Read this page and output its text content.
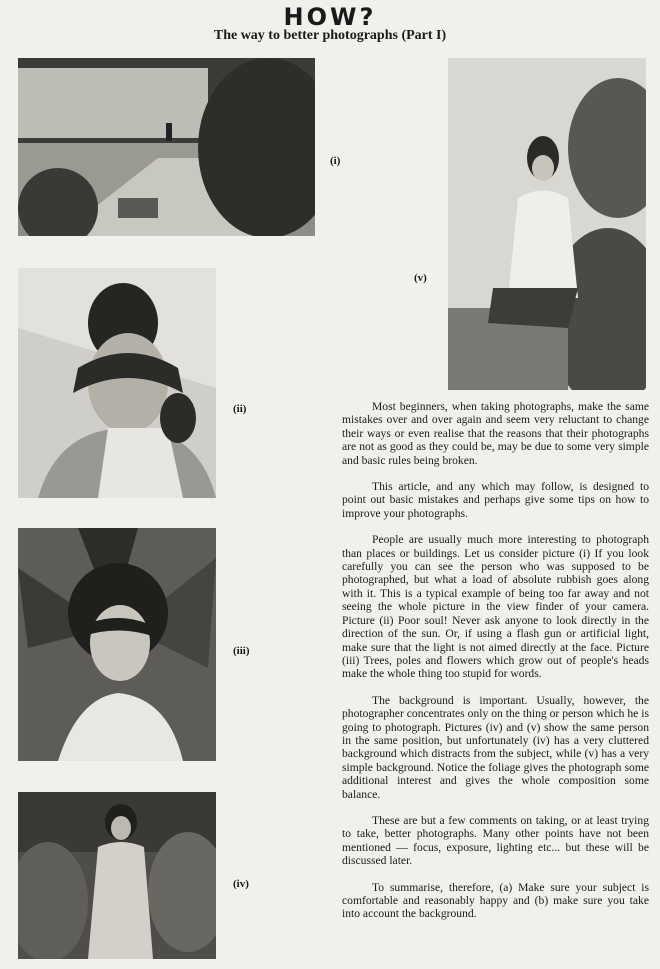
HOW?
The way to better photographs (Part I)
(i)
(v)
(ii)
(iii)
(iv)

Most beginners, when taking photographs, make the same mistakes over and over again and seem very reluctant to change their ways or even realise that the reasons that their photographs are not as good as they could be, may be due to some very simple and basic rules being broken.

This article, and any which may follow, is designed to point out basic mistakes and perhaps give some tips on how to improve your photographs.

People are usually much more interesting to photograph than places or buildings. Let us consider picture (i) If you look carefully you can see the person who was supposed to be photographed, but what a load of absolute rubbish goes along with it. This is a typical example of being too far away and not seeing the whole picture in the view finder of your camera. Picture (ii) Poor soul! Never ask anyone to look directly in the direction of the sun. Or, if using a flash gun or artificial light, make sure that the light is not aimed directly at the face. Picture (iii) Trees, poles and flowers which grow out of people's heads make the whole thing too stupid for words.

The background is important. Usually, however, the photographer concentrates only on the thing or person which he is going to photograph. Pictures (iv) and (v) show the same person in the same position, but unfortunately (iv) has a very cluttered background which distracts from the subject, while (v) has a very simple background. Notice the foliage gives the photograph some additional interest and gives the whole composition some balance.

These are but a few comments on taking, or at least trying to take, better photographs. Many other points have not been mentioned — focus, exposure, lighting etc... but these will be discussed later.

To summarise, therefore, (a) Make sure your subject is comfortable and reasonably happy and (b) make sure you take into account the background.
